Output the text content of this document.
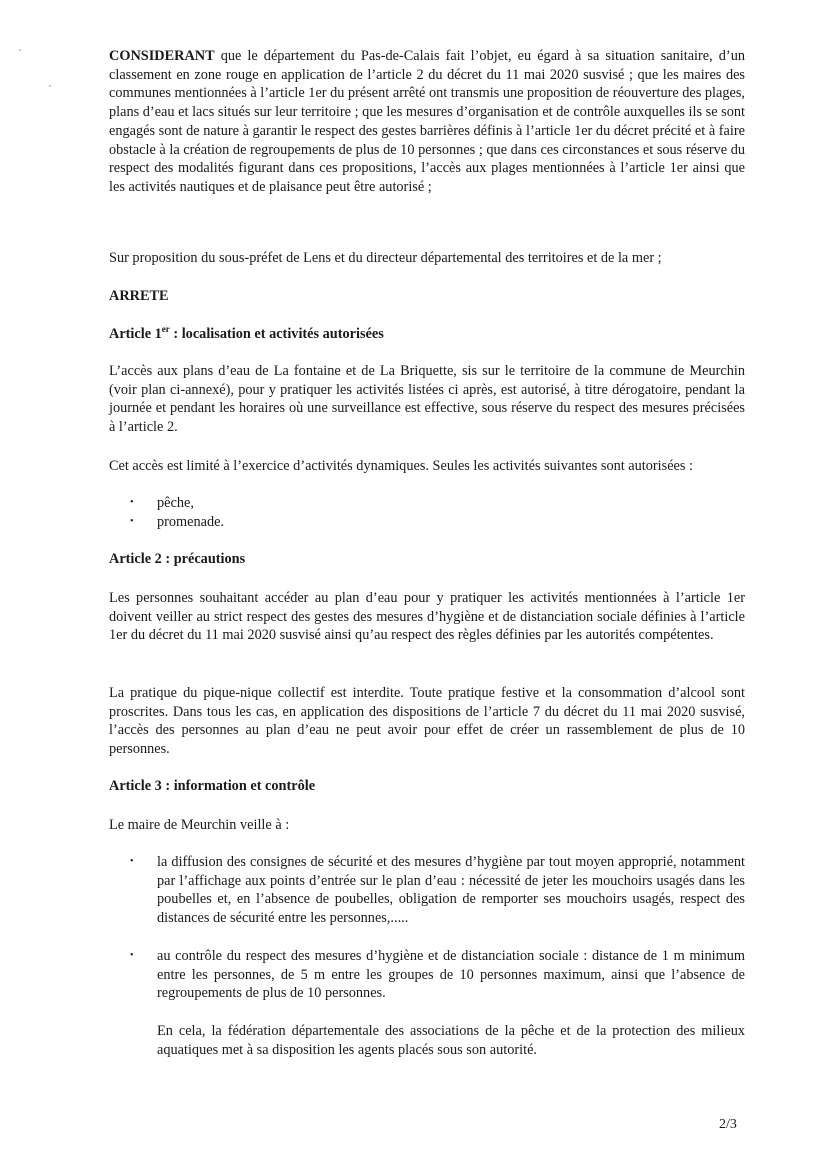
CONSIDERANT que le département du Pas-de-Calais fait l’objet, eu égard à sa situation sanitaire, d’un classement en zone rouge en application de l’article 2 du décret du 11 mai 2020 susvisé ; que les maires des communes mentionnées à l’article 1er du présent arrêté ont transmis une proposition de réouverture des plages, plans d’eau et lacs situés sur leur territoire ; que les mesures d’organisation et de contrôle auxquelles ils se sont engagés sont de nature à garantir le respect des gestes barrières définis à l’article 1er du décret précité et à faire obstacle à la création de regroupements de plus de 10 personnes ; que dans ces circonstances et sous réserve du respect des modalités figurant dans ces propositions, l’accès aux plages mentionnées à l’article 1er ainsi que les activités nautiques et de plaisance peut être autorisé ;

Sur proposition du sous-préfet de Lens et du directeur départemental des territoires et de la mer ;

ARRETE

Article 1er : localisation et activités autorisées

L’accès aux plans d’eau de La fontaine et de La Briquette, sis sur le territoire de la commune de Meurchin (voir plan ci-annexé), pour y pratiquer les activités listées ci après, est autorisé, à titre dérogatoire, pendant la journée et pendant les horaires où une surveillance est effective, sous réserve du respect des mesures précisées à l’article 2.

Cet accès est limité à l’exercice d’activités dynamiques. Seules les activités suivantes sont autorisées :

• pêche,
• promenade.

Article 2 : précautions

Les personnes souhaitant accéder au plan d’eau pour y pratiquer les activités mentionnées à l’article 1er doivent veiller au strict respect des gestes des mesures d’hygiène et de distanciation sociale définies à l’article 1er du décret du 11 mai 2020 susvisé ainsi qu’au respect des règles définies par les autorités compétentes.

La pratique du pique-nique collectif est interdite. Toute pratique festive et la consommation d’alcool sont proscrites. Dans tous les cas, en application des dispositions de l’article 7 du décret du 11 mai 2020 susvisé, l’accès des personnes au plan d’eau ne peut avoir pour effet de créer un rassemblement de plus de 10 personnes.

Article 3 : information et contrôle

Le maire de Meurchin veille à :

• la diffusion des consignes de sécurité et des mesures d’hygiène par tout moyen approprié, notamment par l’affichage aux points d’entrée sur le plan d’eau : nécessité de jeter les mouchoirs usagés dans les poubelles et, en l’absence de poubelles, obligation de remporter ses mouchoirs usagés, respect des distances de sécurité entre les personnes,.....
• au contrôle du respect des mesures d’hygiène et de distanciation sociale : distance de 1 m minimum entre les personnes, de 5 m entre les groupes de 10 personnes maximum, ainsi que l’absence de regroupements de plus de 10 personnes.

En cela, la fédération départementale des associations de la pêche et de la protection des milieux aquatiques met à sa disposition les agents placés sous son autorité.

2/3
